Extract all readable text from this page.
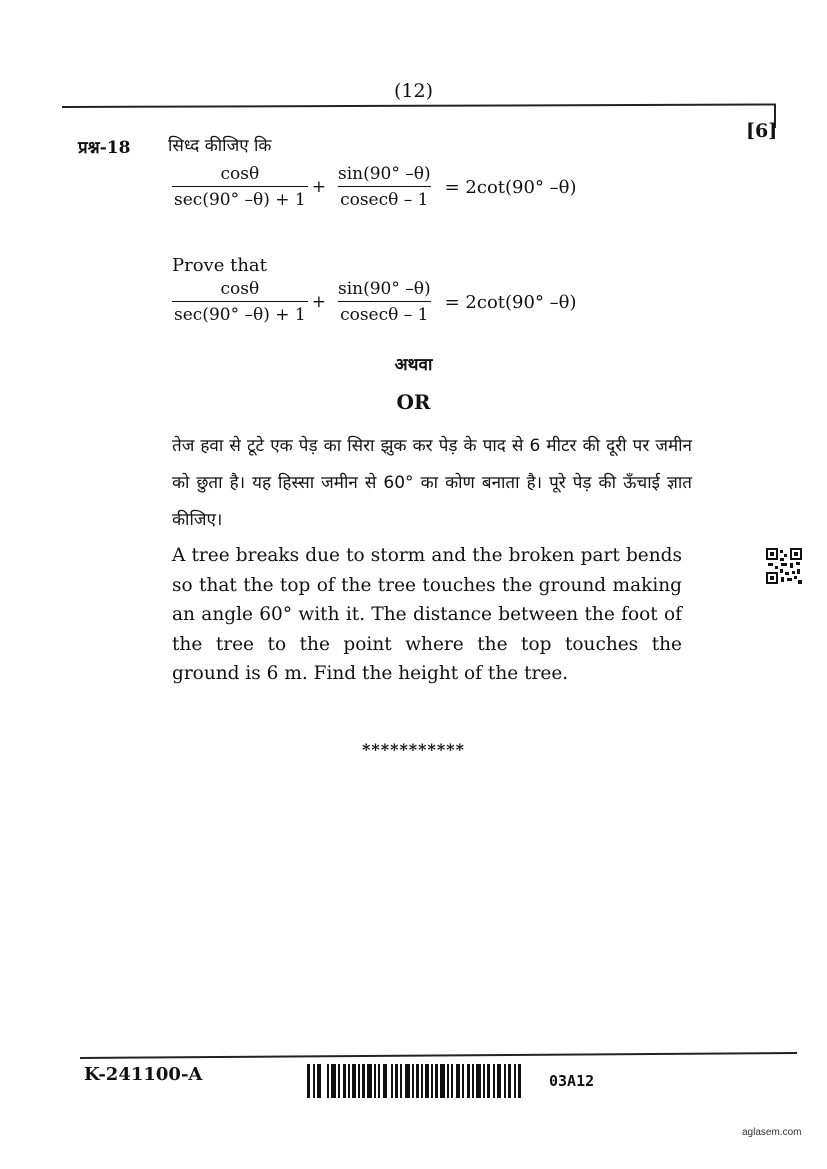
(12)
प्रश्न-18
[6]
सिध्द कीजिए कि
$\frac{\cos\theta}{\sec(90^\circ -\theta) + 1} + \frac{\sin(90^\circ -\theta)}{cosec\theta - 1} = 2\cot(90^\circ$ –θ)
Prove that
$\frac{\cos\theta}{\sec(90^\circ -\theta) + 1} + \frac{\sin(90^\circ -\theta)}{cosec\theta - 1} = 2\cot(90^\circ$ –θ)
अथवा
OR
तेज हवा से टूटे एक पेड़ का सिरा झुक कर पेड़ के पाद से 6 मीटर की दूरी पर जमीन को छुता है। यह हिस्सा जमीन से 60° का कोण बनाता है। पूरे पेड़ की ऊँचाई ज्ञात कीजिए।
A tree breaks due to storm and the broken part bends so that the top of the tree touches the ground making an angle 60° with it. The distance between the foot of the tree to the point where the top touches the ground is 6 m. Find the height of the tree.
***********
K-241100-A	03A12
aglasem.com
